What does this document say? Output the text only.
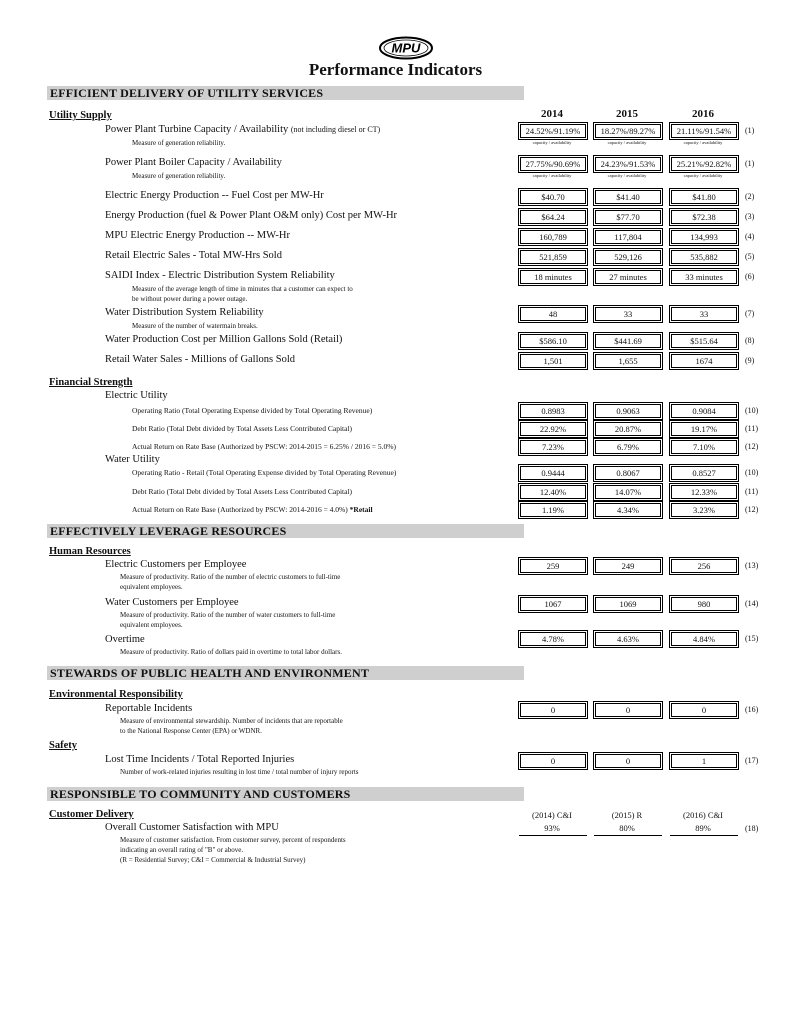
MPU
Performance Indicators
EFFICIENT DELIVERY OF UTILITY SERVICES
Utility Supply	2014	2015	2016
Power Plant Turbine Capacity / Availability (not including diesel or CT)
Measure of generation reliability.
24.52%/91.19%	18.27%/89.27%	21.11%/91.54%
capacity / availability	capacity / availability	capacity / availability
(1)
Power Plant Boiler Capacity / Availability
Measure of generation reliability.
27.75%/90.69%	24.23%/91.53%	25.21%/92.82%
capacity / availability	capacity / availability	capacity / availability
(1)
Electric Energy Production -- Fuel Cost per MW-Hr	$40.70	$41.40	$41.80	(2)
Energy Production (fuel & Power Plant O&M only) Cost per MW-Hr	$64.24	$77.70	$72.38	(3)
MPU Electric Energy Production -- MW-Hr	160,789	117,804	134,993	(4)
Retail Electric Sales - Total MW-Hrs Sold	521,859	529,126	535,882	(5)
SAIDI Index - Electric Distribution System Reliability
Measure of the average length of time in minutes that a customer can expect to
be without power during a power outage.
18 minutes	27 minutes	33 minutes	(6)
Water Distribution System Reliability
Measure of the number of watermain breaks.
48	33	33	(7)
Water Production Cost per Million Gallons Sold (Retail)	$586.10	$441.69	$515.64	(8)
Retail Water Sales - Millions of Gallons Sold	1,501	1,655	1674	(9)
Financial Strength
Electric Utility
Operating Ratio (Total Operating Expense divided by Total Operating Revenue)	0.8983	0.9063	0.9084	(10)
Debt Ratio (Total Debt divided by Total Assets Less Contributed Capital)	22.92%	20.87%	19.17%	(11)
Actual Return on Rate Base (Authorized by PSCW: 2014-2015 = 6.25% / 2016 = 5.0%)	7.23%	6.79%	7.10%	(12)
Water Utility
Operating Ratio - Retail (Total Operating Expense divided by Total Operating Revenue)	0.9444	0.8067	0.8527	(10)
Debt Ratio (Total Debt divided by Total Assets Less Contributed Capital)	12.40%	14.07%	12.33%	(11)
Actual Return on Rate Base (Authorized by PSCW: 2014-2016 = 4.0%) *Retail	1.19%	4.34%	3.23%	(12)
EFFECTIVELY LEVERAGE RESOURCES
Human Resources
Electric Customers per Employee
Measure of productivity. Ratio of the number of electric customers to full-time
equivalent employees.
259	249	256	(13)
Water Customers per Employee
Measure of productivity. Ratio of the number of water customers to full-time
equivalent employees.
1067	1069	980	(14)
Overtime
Measure of productivity. Ratio of dollars paid in overtime to total labor dollars.
4.78%	4.63%	4.84%	(15)
STEWARDS OF PUBLIC HEALTH AND ENVIRONMENT
Environmental Responsibility
Reportable Incidents
Measure of environmental stewardship. Number of incidents that are reportable
to the National Response Center (EPA) or WDNR.
0	0	0	(16)
Safety
Lost Time Incidents / Total Reported Injuries
Number of work-related injuries resulting in lost time / total number of injury reports
0	0	1	(17)
RESPONSIBLE TO COMMUNITY AND CUSTOMERS
Customer Delivery	(2014) C&I	(2015) R	(2016) C&I
Overall Customer Satisfaction with MPU
Measure of customer satisfaction. From customer survey, percent of respondents
indicating an overall rating of "B" or above.
(R = Residential Survey; C&I = Commercial & Industrial Survey)
93%	80%	89%	(18)
